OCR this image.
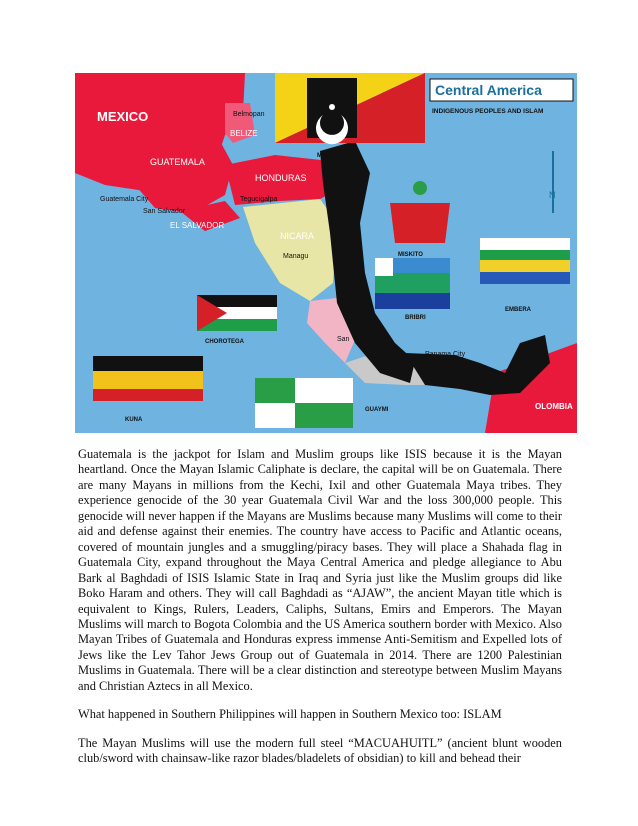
Central America
INDIGENOUS PEOPLES AND ISLAM
N
MISKITO
BRIBRI
EMBERA
CHOROTEGA
KUNA
GUAYMI
MEXICO
BELIZE
GUATEMALA
HONDURAS
EL SALVADOR
NICARA
OLOMBIA
Belmopan
Guatemala City
San Salvador
Tegucigalpa
Managu
San
Panama City
MAYA

Guatemala is the jackpot for Islam and Muslim groups like ISIS because it is the Mayan heartland. Once the Mayan Islamic Caliphate is declare, the capital will be on Guatemala. There are many Mayans in millions from the Kechi, Ixil and other Guatemala Maya tribes. They experience genocide of the 30 year Guatemala Civil War and the loss 300,000 people. This genocide will never happen if the Mayans are Muslims because many Muslims will come to their aid and defense against their enemies. The country have access to Pacific and Atlantic oceans, covered of mountain jungles and a smuggling/piracy bases. They will place a Shahada flag in Guatemala City, expand throughout the Maya Central America and pledge allegiance to Abu Bark al Baghdadi of ISIS Islamic State in Iraq and Syria just like the Muslim groups did like Boko Haram and others. They will call Baghdadi as “AJAW”, the ancient Mayan title which is equivalent to Kings, Rulers, Leaders, Caliphs, Sultans, Emirs and Emperors. The Mayan Muslims will march to Bogota Colombia and the US America southern border with Mexico. Also Mayan Tribes of Guatemala and Honduras express immense Anti-Semitism and Expelled lots of Jews like the Lev Tahor Jews Group out of Guatemala in 2014. There are 1200 Palestinian Muslims in Guatemala. There will be a clear distinction and stereotype between Muslim Mayans and Christian Aztecs in all Mexico.

What happened in Southern Philippines will happen in Southern Mexico too: ISLAM

The Mayan Muslims will use the modern full steel “MACUAHUITL” (ancient blunt wooden club/sword with chainsaw-like razor blades/bladelets of obsidian) to kill and behead their
